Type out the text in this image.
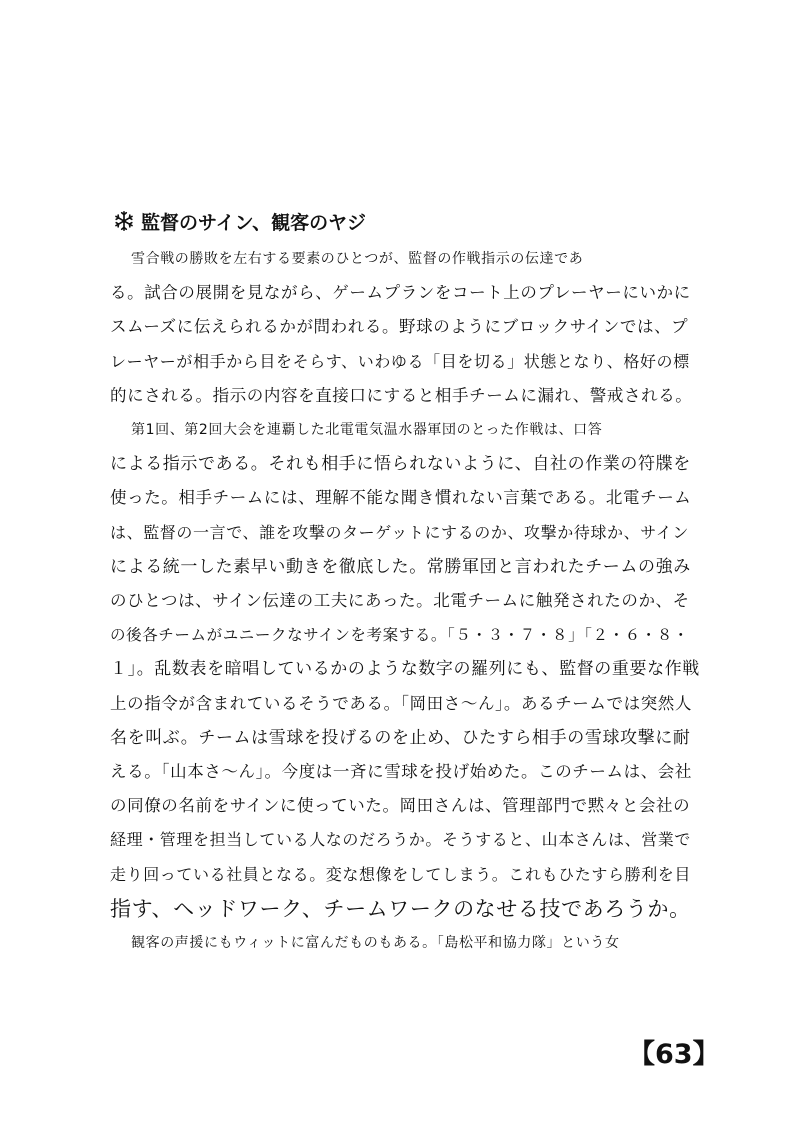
監督のサイン、観客のヤジ
雪合戦の勝敗を左右する要素のひとつが、監督の作戦指示の伝達であ
る。試合の展開を見ながら、ゲームプランをコート上のプレーヤーにいかに
スムーズに伝えられるかが問われる。野球のようにブロックサインでは、プ
レーヤーが相手から目をそらす、いわゆる「目を切る」状態となり、格好の標
的にされる。指示の内容を直接口にすると相手チームに漏れ、警戒される。
第1回、第2回大会を連覇した北電電気温水器軍団のとった作戦は、口答
による指示である。それも相手に悟られないように、自社の作業の符牒を
使った。相手チームには、理解不能な聞き慣れない言葉である。北電チーム
は、監督の一言で、誰を攻撃のターゲットにするのか、攻撃か待球か、サイン
による統一した素早い動きを徹底した。常勝軍団と言われたチームの強み
のひとつは、サイン伝達の工夫にあった。北電チームに触発されたのか、そ
の後各チームがユニークなサインを考案する。「５・３・７・８」「２・６・８・
１」。乱数表を暗唱しているかのような数字の羅列にも、監督の重要な作戦
上の指令が含まれているそうである。「岡田さ〜ん」。あるチームでは突然人
名を叫ぶ。チームは雪球を投げるのを止め、ひたすら相手の雪球攻撃に耐
える。「山本さ〜ん」。今度は一斉に雪球を投げ始めた。このチームは、会社
の同僚の名前をサインに使っていた。岡田さんは、管理部門で黙々と会社の
経理・管理を担当している人なのだろうか。そうすると、山本さんは、営業で
走り回っている社員となる。変な想像をしてしまう。これもひたすら勝利を目
指す、ヘッドワーク、チームワークのなせる技であろうか。
観客の声援にもウィットに富んだものもある。「島松平和協力隊」という女
【63】
